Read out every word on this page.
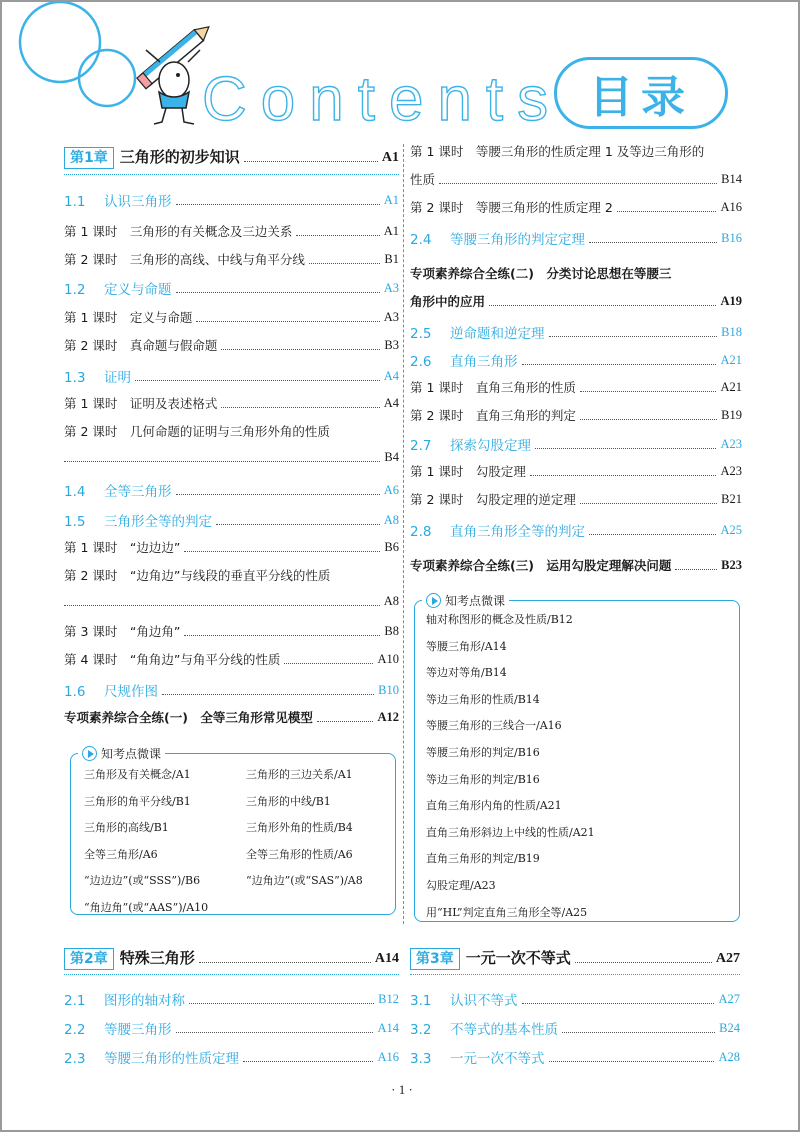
Contents 目录
第1章 三角形的初步知识	A1
1.1 认识三角形	A1
第 1 课时　三角形的有关概念及三边关系	A1
第 2 课时　三角形的高线、中线与角平分线	B1
1.2 定义与命题	A3
第 1 课时　定义与命题	A3
第 2 课时　真命题与假命题	B3
1.3 证明	A4
第 1 课时　证明及表述格式	A4
第 2 课时　几何命题的证明与三角形外角的性质
B4
1.4 全等三角形	A6
1.5 三角形全等的判定	A8
第 1 课时　“边边边”	B6
第 2 课时　“边角边”与线段的垂直平分线的性质
A8
第 3 课时　“角边角”	B8
第 4 课时　“角角边”与角平分线的性质	A10
1.6 尺规作图	B10
专项素养综合全练(一)　全等三角形常见模型	A12
知考点微课
三角形及有关概念/A1	三角形的三边关系/A1
三角形的角平分线/B1	三角形的中线/B1
三角形的高线/B1	三角形外角的性质/B4
全等三角形/A6	全等三角形的性质/A6
“边边边”(或“SSS”)/B6	“边角边”(或“SAS”)/A8
“角边角”(或“AAS”)/A10
第 1 课时　等腰三角形的性质定理 1 及等边三角形的
性质	B14
第 2 课时　等腰三角形的性质定理 2	A16
2.4 等腰三角形的判定定理	B16
专项素养综合全练(二)　分类讨论思想在等腰三
角形中的应用	A19
2.5 逆命题和逆定理	B18
2.6 直角三角形	A21
第 1 课时　直角三角形的性质	A21
第 2 课时　直角三角形的判定	B19
2.7 探索勾股定理	A23
第 1 课时　勾股定理	A23
第 2 课时　勾股定理的逆定理	B21
2.8 直角三角形全等的判定	A25
专项素养综合全练(三)　运用勾股定理解决问题	B23
知考点微课
轴对称图形的概念及性质/B12
等腰三角形/A14
等边对等角/B14
等边三角形的性质/B14
等腰三角形的三线合一/A16
等腰三角形的判定/B16
等边三角形的判定/B16
直角三角形内角的性质/A21
直角三角形斜边上中线的性质/A21
直角三角形的判定/B19
勾股定理/A23
用“HL”判定直角三角形全等/A25
第2章 特殊三角形	A14
2.1 图形的轴对称	B12
2.2 等腰三角形	A14
2.3 等腰三角形的性质定理	A16
第3章 一元一次不等式	A27
3.1 认识不等式	A27
3.2 不等式的基本性质	B24
3.3 一元一次不等式	A28
· 1 ·
